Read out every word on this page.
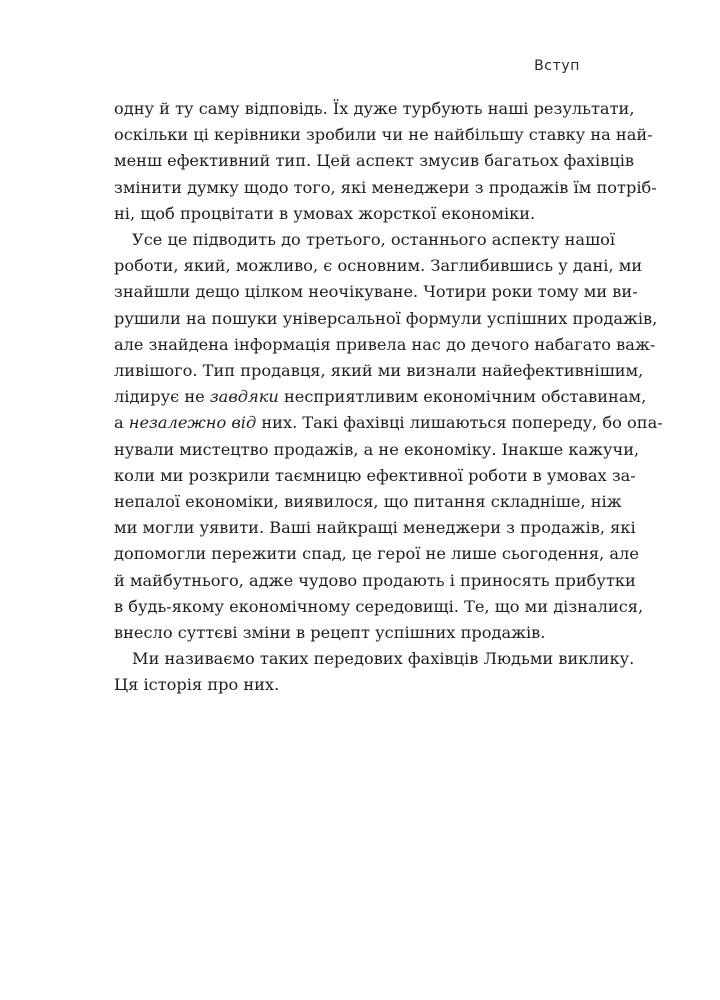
Вступ
одну й ту саму відповідь. Їх дуже турбують наші результати,
оскільки ці керівники зробили чи не найбільшу ставку на най-
менш ефективний тип. Цей аспект змусив багатьох фахівців
змінити думку щодо того, які менеджери з продажів їм потріб-
ні, щоб процвітати в умовах жорсткої економіки.
Усе це підводить до третього, останнього аспекту нашої
роботи, який, можливо, є основним. Заглибившись у дані, ми
знайшли дещо цілком неочікуване. Чотири роки тому ми ви-
рушили на пошуки універсальної формули успішних продажів,
але знайдена інформація привела нас до дечого набагато важ-
ливішого. Тип продавця, який ми визнали найефективнішим,
лідирує не завдяки несприятливим економічним обставинам,
а незалежно від них. Такі фахівці лишаються попереду, бо опа-
нували мистецтво продажів, а не економіку. Інакше кажучи,
коли ми розкрили таємницю ефективної роботи в умовах за-
непалої економіки, виявилося, що питання складніше, ніж
ми могли уявити. Ваші найкращі менеджери з продажів, які
допомогли пережити спад, це герої не лише сьогодення, але
й майбутнього, адже чудово продають і приносять прибутки
в будь-якому економічному середовищі. Те, що ми дізналися,
внесло суттєві зміни в рецепт успішних продажів.
Ми називаємо таких передових фахівців Людьми виклику.
Ця історія про них.
